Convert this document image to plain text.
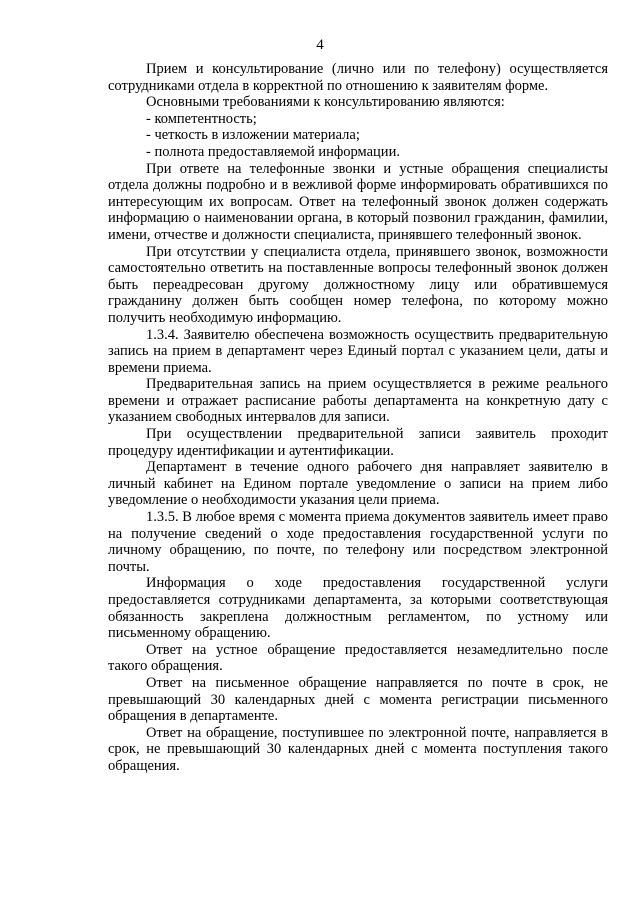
4

Прием и консультирование (лично или по телефону) осуществляется сотрудниками отдела в корректной по отношению к заявителям форме.

Основными требованиями к консультированию являются:

- компетентность;

- четкость в изложении материала;

- полнота предоставляемой информации.

При ответе на телефонные звонки и устные обращения специалисты отдела должны подробно и в вежливой форме информировать обратившихся по интересующим их вопросам. Ответ на телефонный звонок должен содержать информацию о наименовании органа, в который позвонил гражданин, фамилии, имени, отчестве и должности специалиста, принявшего телефонный звонок.

При отсутствии у специалиста отдела, принявшего звонок, возможности самостоятельно ответить на поставленные вопросы телефонный звонок должен быть переадресован другому должностному лицу или обратившемуся гражданину должен быть сообщен номер телефона, по которому можно получить необходимую информацию.

1.3.4. Заявителю обеспечена возможность осуществить предварительную запись на прием в департамент через Единый портал с указанием цели, даты и времени приема.

Предварительная запись на прием осуществляется в режиме реального времени и отражает расписание работы департамента на конкретную дату с указанием свободных интервалов для записи.

При осуществлении предварительной записи заявитель проходит процедуру идентификации и аутентификации.

Департамент в течение одного рабочего дня направляет заявителю в личный кабинет на Едином портале уведомление о записи на прием либо уведомление о необходимости указания цели приема.

1.3.5. В любое время с момента приема документов заявитель имеет право на получение сведений о ходе предоставления государственной услуги по личному обращению, по почте, по телефону или посредством электронной почты.

Информация о ходе предоставления государственной услуги предоставляется сотрудниками департамента, за которыми соответствующая обязанность закреплена должностным регламентом, по устному или письменному обращению.

Ответ на устное обращение предоставляется незамедлительно после такого обращения.

Ответ на письменное обращение направляется по почте в срок, не превышающий 30 календарных дней с момента регистрации письменного обращения в департаменте.

Ответ на обращение, поступившее по электронной почте, направляется в срок, не превышающий 30 календарных дней с момента поступления такого обращения.
